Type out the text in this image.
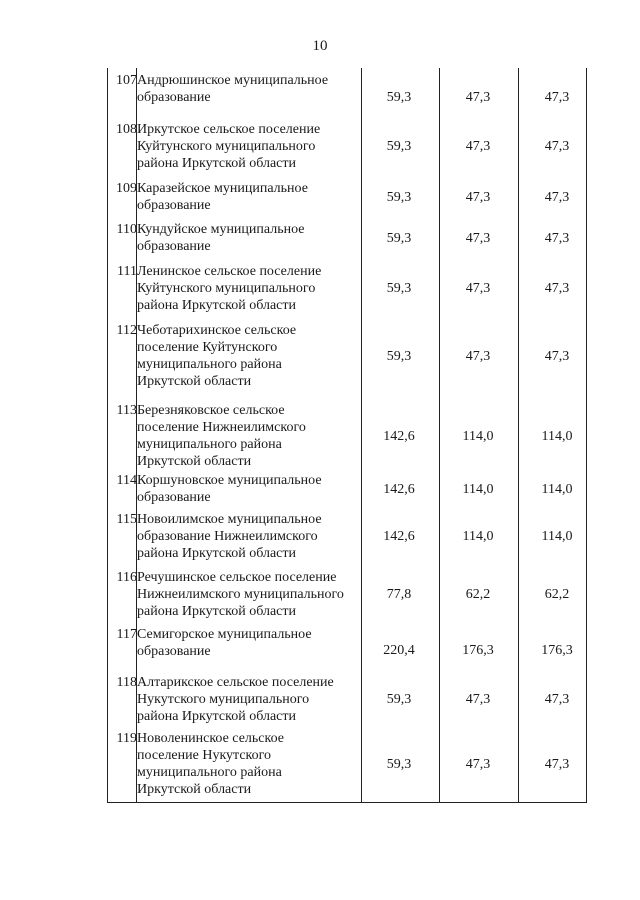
10
107 Андрюшинское муниципальное
образование	59,3	47,3	47,3
108 Иркутское сельское поселение
Куйтунского муниципального
района Иркутской области
59,3	47,3	47,3
109 Каразейское муниципальное
образование
59,3	47,3	47,3
110 Кундуйское муниципальное
образование
59,3	47,3	47,3
111 Ленинское сельское поселение
Куйтунского муниципального
района Иркутской области
59,3	47,3	47,3
112 Чеботарихинское сельское
поселение Куйтунского
муниципального района
Иркутской области
59,3	47,3	47,3
113 Березняковское сельское
поселение Нижнеилимского
муниципального района
Иркутской области
142,6	114,0	114,0
114 Коршуновское муниципальное
образование
142,6	114,0	114,0
115 Новоилимское муниципальное
образование Нижнеилимского
района Иркутской области
142,6	114,0	114,0
116 Речушинское сельское поселение
Нижнеилимского муниципального
района Иркутской области
77,8	62,2	62,2
117 Семигорское муниципальное
образование	220,4	176,3	176,3
118 Алтарикское сельское поселение
Нукутского муниципального
района Иркутской области
59,3	47,3	47,3
119 Новоленинское сельское
поселение Нукутского
муниципального района
Иркутской области
59,3	47,3	47,3
